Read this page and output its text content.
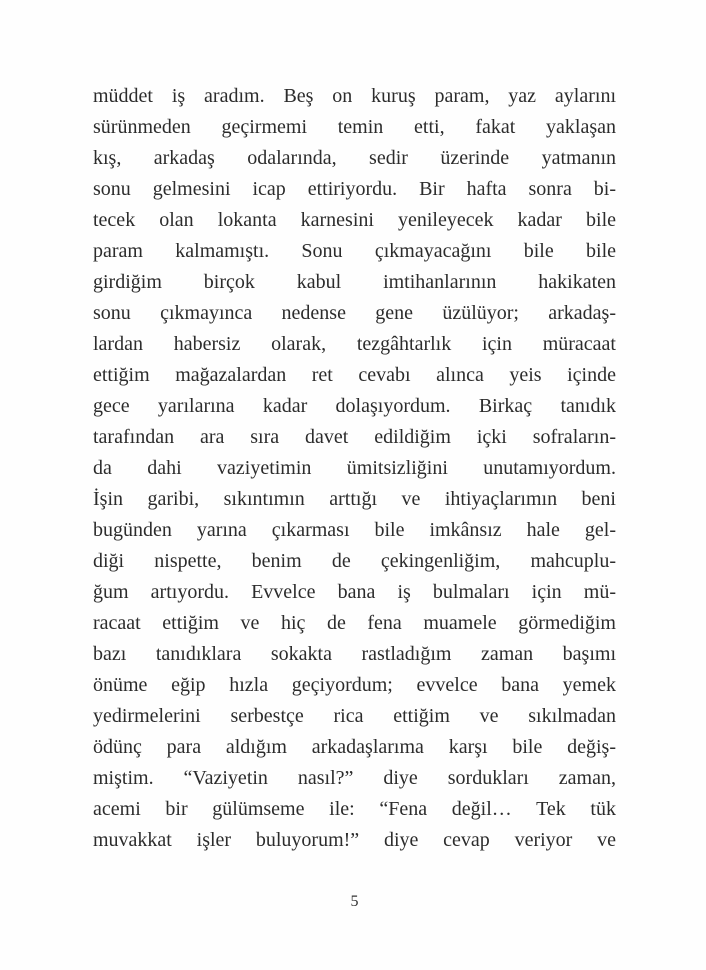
müddet iş aradım. Beş on kuruş param, yaz aylarını
sürünmeden geçirmemi temin etti, fakat yaklaşan
kış, arkadaş odalarında, sedir üzerinde yatmanın
sonu gelmesini icap ettiriyordu. Bir hafta sonra bi-
tecek olan lokanta karnesini yenileyecek kadar bile
param kalmamıştı. Sonu çıkmayacağını bile bile
girdiğim birçok kabul imtihanlarının hakikaten
sonu çıkmayınca nedense gene üzülüyor; arkadaş-
lardan habersiz olarak, tezgâhtarlık için müracaat
ettiğim mağazalardan ret cevabı alınca yeis içinde
gece yarılarına kadar dolaşıyordum. Birkaç tanıdık
tarafından ara sıra davet edildiğim içki sofraların-
da dahi vaziyetimin ümitsizliğini unutamıyordum.
İşin garibi, sıkıntımın arttığı ve ihtiyaçlarımın beni
bugünden yarına çıkarması bile imkânsız hale gel-
diği nispette, benim de çekingenliğim, mahcuplu-
ğum artıyordu. Evvelce bana iş bulmaları için mü-
racaat ettiğim ve hiç de fena muamele görmediğim
bazı tanıdıklara sokakta rastladığım zaman başımı
önüme eğip hızla geçiyordum; evvelce bana yemek
yedirmelerini serbestçe rica ettiğim ve sıkılmadan
ödünç para aldığım arkadaşlarıma karşı bile değiş-
miştim. “Vaziyetin nasıl?” diye sordukları zaman,
acemi bir gülümseme ile: “Fena değil… Tek tük
muvakkat işler buluyorum!” diye cevap veriyor ve
5
